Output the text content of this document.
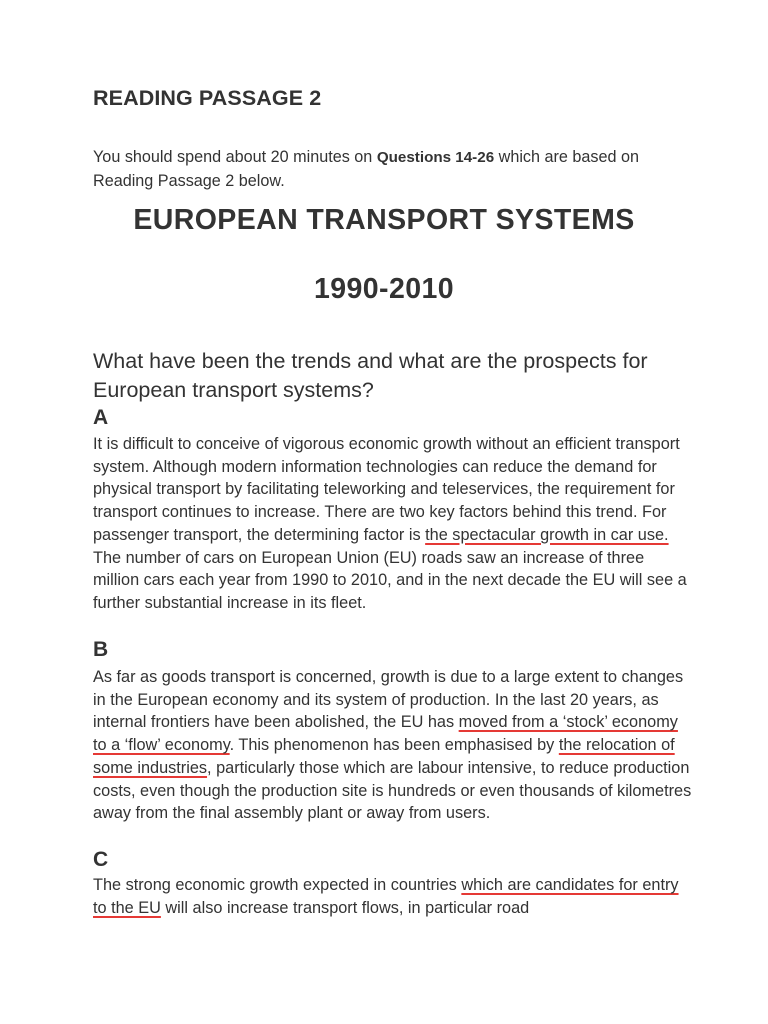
READING PASSAGE 2

You should spend about 20 minutes on Questions 14-26 which are based on Reading Passage 2 below.

EUROPEAN TRANSPORT SYSTEMS
1990-2010
What have been the trends and what are the prospects for European transport systems?
A

It is difficult to conceive of vigorous economic growth without an efficient transport system. Although modern information technologies can reduce the demand for physical transport by facilitating teleworking and teleservices, the requirement for transport continues to increase. There are two key factors behind this trend. For passenger transport, the determining factor is the spectacular growth in car use. The number of cars on European Union (EU) roads saw an increase of three million cars each year from 1990 to 2010, and in the next decade the EU will see a further substantial increase in its fleet.

B

As far as goods transport is concerned, growth is due to a large extent to changes in the European economy and its system of production. In the last 20 years, as internal frontiers have been abolished, the EU has moved from a ‘stock’ economy to a ‘flow’ economy. This phenomenon has been emphasised by the relocation of some industries, particularly those which are labour intensive, to reduce production costs, even though the production site is hundreds or even thousands of kilometres away from the final assembly plant or away from users.

C

The strong economic growth expected in countries which are candidates for entry to the EU will also increase transport flows, in particular road
